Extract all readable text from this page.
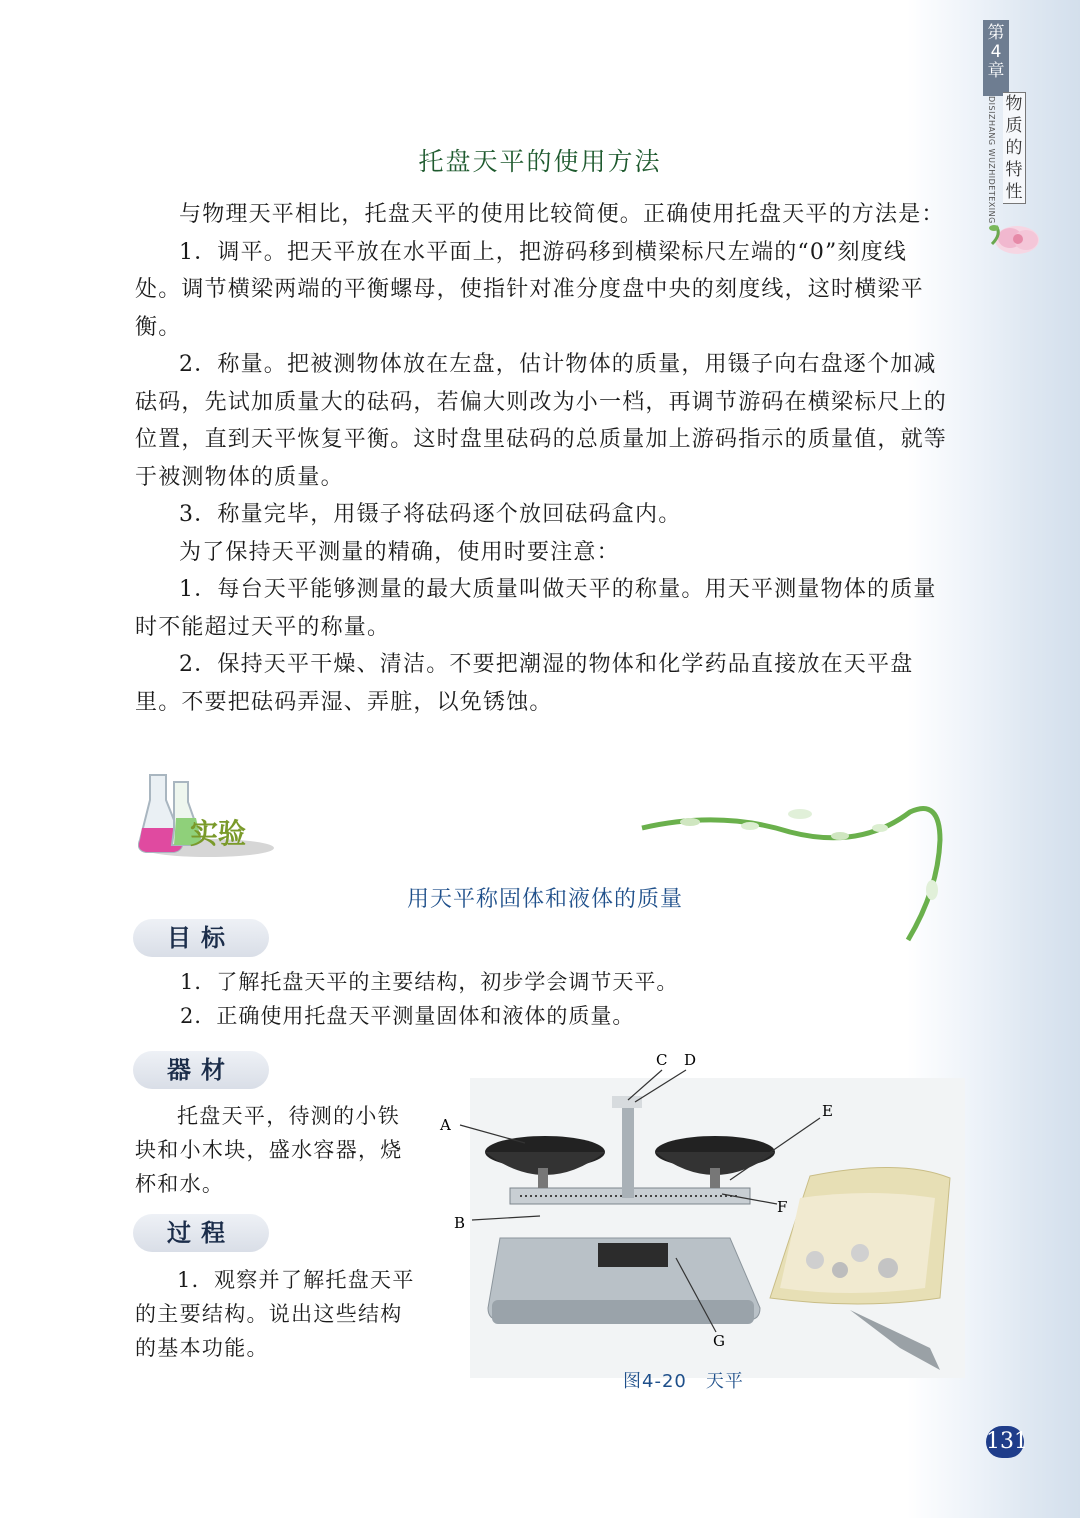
第
4
章
DISIZHANG WUZHIDETEXING 物
质
的
特
性
托盘天平的使用方法

与物理天平相比，托盘天平的使用比较简便。正确使用托盘天平的方法是：

1．调平。把天平放在水平面上，把游码移到横梁标尺左端的“0”刻度线处。调节横梁两端的平衡螺母，使指针对准分度盘中央的刻度线，这时横梁平衡。

2．称量。把被测物体放在左盘，估计物体的质量，用镊子向右盘逐个加减砝码，先试加质量大的砝码，若偏大则改为小一档，再调节游码在横梁标尺上的位置，直到天平恢复平衡。这时盘里砝码的总质量加上游码指示的质量值，就等于被测物体的质量。

3．称量完毕，用镊子将砝码逐个放回砝码盒内。

为了保持天平测量的精确，使用时要注意：

1．每台天平能够测量的最大质量叫做天平的称量。用天平测量物体的质量时不能超过天平的称量。

2．保持天平干燥、清洁。不要把潮湿的物体和化学药品直接放在天平盘里。不要把砝码弄湿、弄脏，以免锈蚀。

实验
用天平称固体和液体的质量
目标
1．了解托盘天平的主要结构，初步学会调节天平。
2．正确使用托盘天平测量固体和液体的质量。
器材

托盘天平，待测的小铁块和小木块，盛水容器，烧杯和水。

过程

1．观察并了解托盘天平的主要结构。说出这些结构的基本功能。

A
B
C D
E
F
G
图4-20　天平
131
